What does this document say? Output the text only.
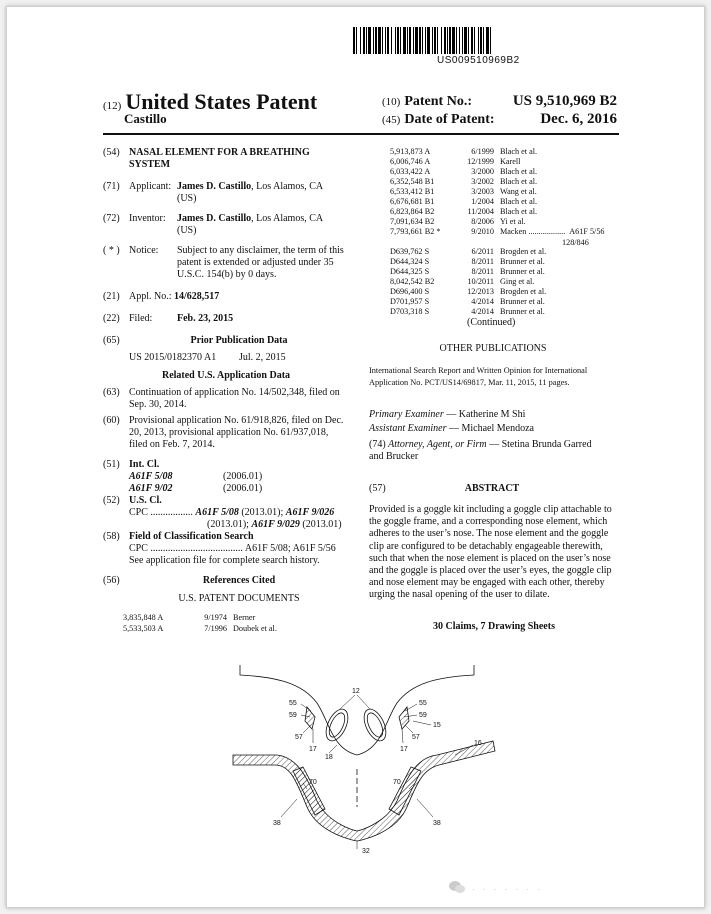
US009510969B2
(12) United States Patent
Castillo
(10) Patent No.:	US 9,510,969 B2
(45) Date of Patent:	Dec. 6, 2016
(54) NASAL ELEMENT FOR A BREATHING SYSTEM
(71) Applicant: James D. Castillo, Los Alamos, CA
(US)
(72) Inventor: James D. Castillo, Los Alamos, CA
(US)
( * ) Notice: Subject to any disclaimer, the term of this
patent is extended or adjusted under 35
U.S.C. 154(b) by 0 days.
(21) Appl. No.: 14/628,517
(22) Filed: Feb. 23, 2015
(65)	Prior Publication Data
US 2015/0182370 A1 Jul. 2, 2015
Related U.S. Application Data
(63) Continuation of application No. 14/502,348, filed on
Sep. 30, 2014.
(60) Provisional application No. 61/918,826, filed on Dec.
20, 2013, provisional application No. 61/937,018,
filed on Feb. 7, 2014.
(51) Int. Cl.
A61F 5/08	(2006.01)
A61F 9/02	(2006.01)
(52) U.S. Cl.
CPC ................. A61F 5/08 (2013.01); A61F 9/026
(2013.01); A61F 9/029 (2013.01)
(58) Field of Classification Search
CPC ..................................... A61F 5/08; A61F 5/56
See application file for complete search history.
(56)	References Cited
U.S. PATENT DOCUMENTS
3,835,848 A	9/1974 Berner
5,533,503 A	7/1996 Doubek et al.
5,913,873 A	6/1999 Blach et al.
6,006,746 A	12/1999 Karell
6,033,422 A	3/2000 Blach et al.
6,352,548 B1	3/2002 Blach et al.
6,533,412 B1	3/2003 Wang et al.
6,676,681 B1	1/2004 Blach et al.
6,823,864 B2	11/2004 Blach et al.
7,091,634 B2	8/2006 Yi et al.
7,793,661 B2 *	9/2010 Macken .................. A61F 5/56
128/846
D639,762 S	6/2011 Brogden et al.
D644,324 S	8/2011 Brunner et al.
D644,325 S	8/2011 Brunner et al.
8,042,542 B2	10/2011 Ging et al.
D696,400 S	12/2013 Brogden et al.
D701,957 S	4/2014 Brunner et al.
D703,318 S	4/2014 Brunner et al.
(Continued)
OTHER PUBLICATIONS
International Search Report and Written Opinion for International
Application No. PCT/US14/69817, Mar. 11, 2015, 11 pages.
Primary Examiner — Katherine M Shi
Assistant Examiner — Michael Mendoza
(74) Attorney, Agent, or Firm — Stetina Brunda Garred
and Brucker
(57)	ABSTRACT
Provided is a goggle kit including a goggle clip attachable to
the goggle frame, and a corresponding nose element, which
adheres to the user’s nose. The nose element and the goggle
clip are configured to be detachably engageable therewith,
such that when the nose element is placed on the user’s nose
and the goggle is placed over the user’s eyes, the goggle clip
and nose element may be engaged with each other, thereby
urging the nasal opening of the user to dilate.
30 Claims, 7 Drawing Sheets
12
55
59
57
17
18
55
59
15
57
17
16
70	70
38	38
32
· · · · · · ·
